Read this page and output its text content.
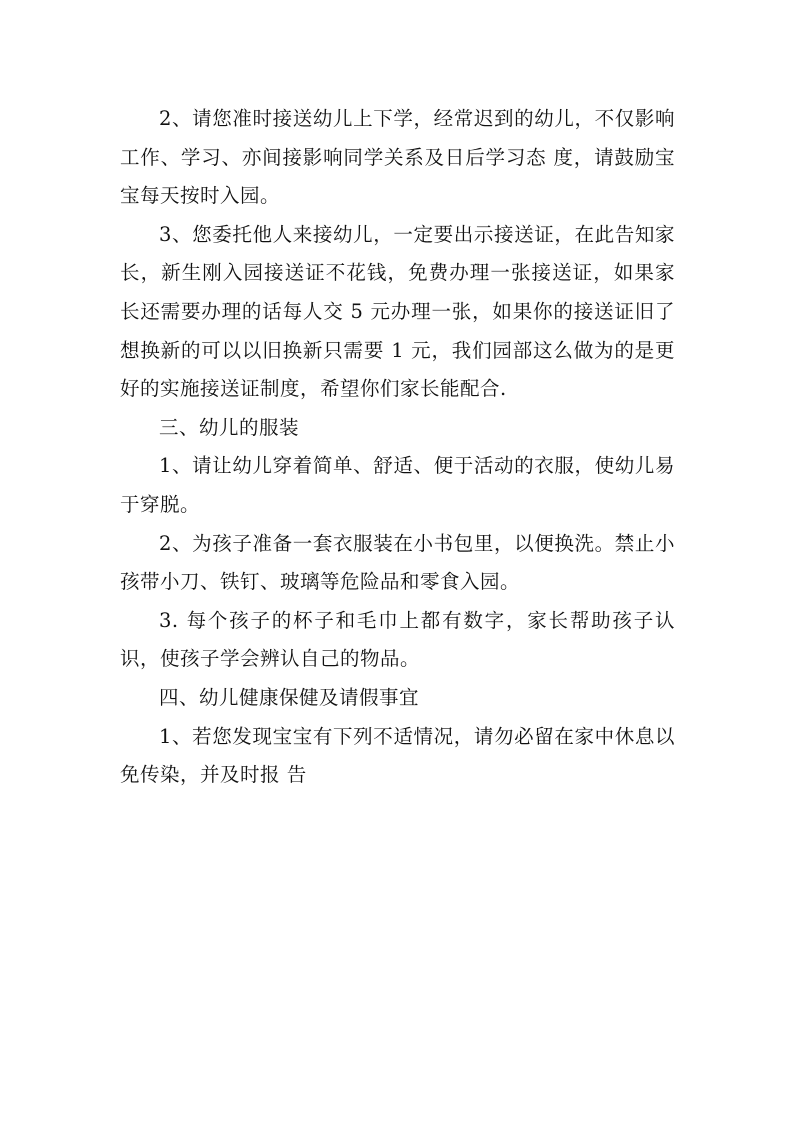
2、请您准时接送幼儿上下学，经常迟到的幼儿，不仅影响工作、学习、亦间接影响同学关系及日后学习态 度，请鼓励宝宝每天按时入园。

3、您委托他人来接幼儿，一定要出示接送证，在此告知家长，新生刚入园接送证不花钱，免费办理一张接送证，如果家长还需要办理的话每人交 5 元办理一张，如果你的接送证旧了想换新的可以以旧换新只需要 1 元，我们园部这么做为的是更好的实施接送证制度，希望你们家长能配合.

三、幼儿的服装

1、请让幼儿穿着简单、舒适、便于活动的衣服，使幼儿易于穿脱。

2、为孩子准备一套衣服装在小书包里，以便换洗。禁止小孩带小刀、铁钉、玻璃等危险品和零食入园。

3. 每个孩子的杯子和毛巾上都有数字，家长帮助孩子认识，使孩子学会辨认自己的物品。

四、幼儿健康保健及请假事宜

1、若您发现宝宝有下列不适情况，请勿必留在家中休息以免传染，并及时报 告
